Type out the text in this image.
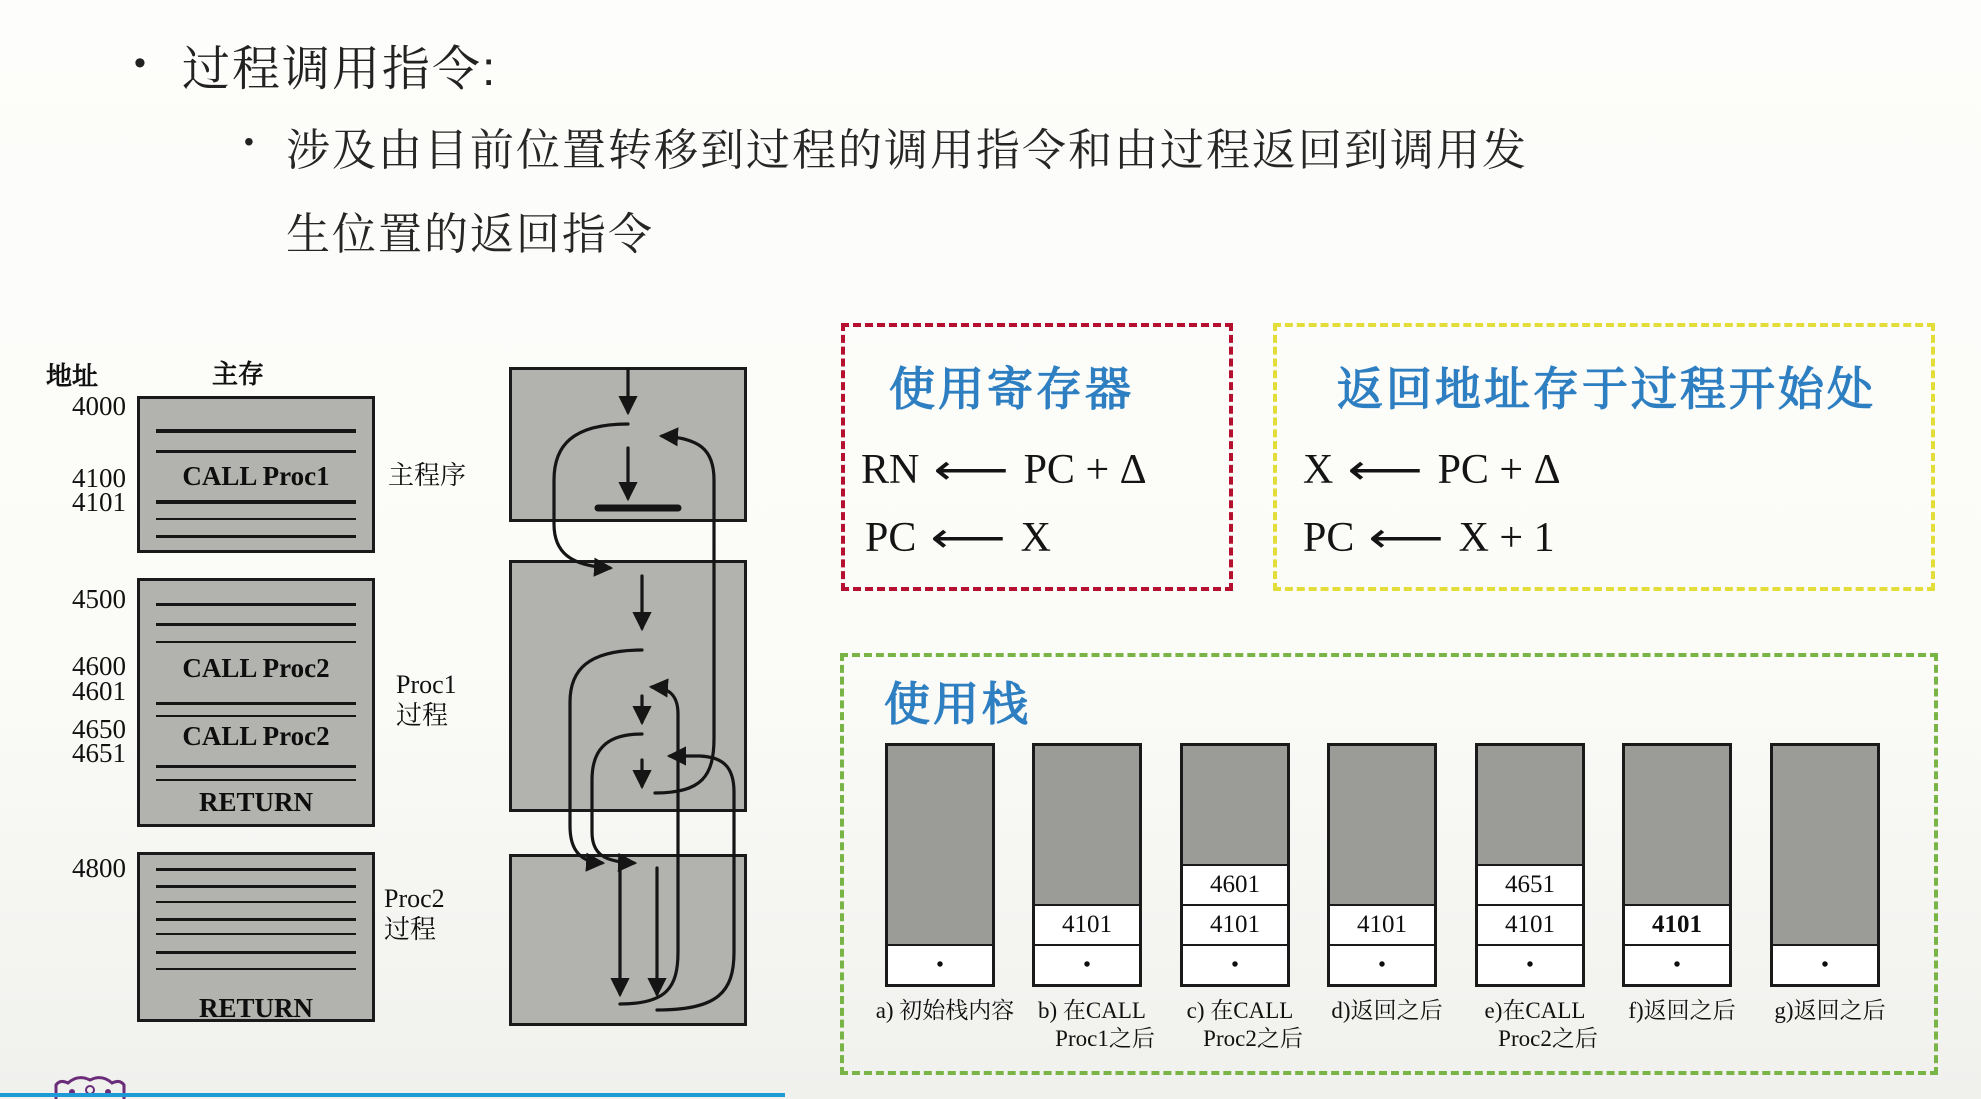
• 过程调用指令:
• 涉及由目前位置转移到过程的调用指令和由过程返回到调用发
生位置的返回指令
地址	主存
4000
4100
4101
4500
4600
4601
4650
4651
4800
CALL Proc1	主程序
CALL Proc2
CALL Proc2
RETURN
Proc1
过程
RETURN
Proc2
过程
使用寄存器
RN ⟵ PC + Δ
PC ⟵ X
返回地址存于过程开始处
X ⟵ PC + Δ
PC ⟵ X + 1
使用栈
•
a) 初始栈内容
4101
•
b) 在CALL
Proc1之后
4601
4101
•
c) 在CALL
Proc2之后
4101
•
d)返回之后
4651
4101
•
e)在CALL
Proc2之后
4101
•
f)返回之后
•
g)返回之后
